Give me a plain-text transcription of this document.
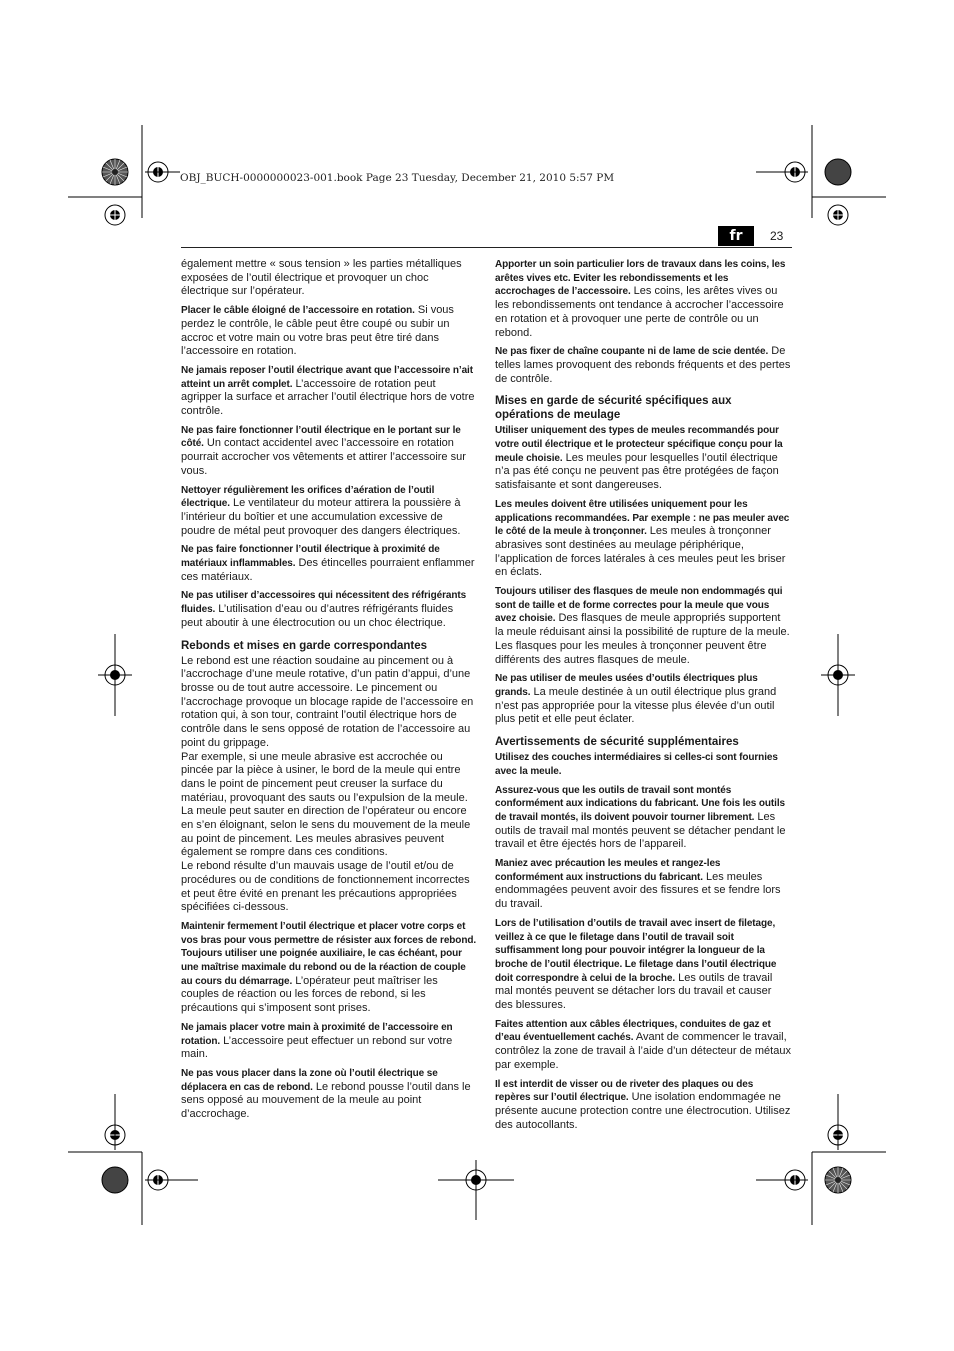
OBJ_BUCH-0000000023-001.book Page 23 Tuesday, December 21, 2010 5:57 PM
fr	23

également mettre « sous tension » les parties métalliques exposées de l’outil électrique et provoquer un choc électrique sur l’opérateur.

Placer le câble éloigné de l’accessoire en rotation. Si vous perdez le contrôle, le câble peut être coupé ou subir un accroc et votre main ou votre bras peut être tiré dans l’accessoire en rotation.

Ne jamais reposer l’outil électrique avant que l’accessoire n’ait atteint un arrêt complet. L’accessoire de rotation peut agripper la surface et arracher l’outil électrique hors de votre contrôle.

Ne pas faire fonctionner l’outil électrique en le portant sur le côté. Un contact accidentel avec l’accessoire en rotation pourrait accrocher vos vêtements et attirer l’accessoire sur vous.

Nettoyer régulièrement les orifices d’aération de l’outil électrique. Le ventilateur du moteur attirera la poussière à l’intérieur du boîtier et une accumulation excessive de poudre de métal peut provoquer des dangers électriques.

Ne pas faire fonctionner l’outil électrique à proximité de matériaux inflammables. Des étincelles pourraient enflammer ces matériaux.

Ne pas utiliser d’accessoires qui nécessitent des réfrigérants fluides. L’utilisation d’eau ou d’autres réfrigérants fluides peut aboutir à une électrocution ou un choc électrique.

Rebonds et mises en garde correspondantes

Le rebond est une réaction soudaine au pincement ou à l’accrochage d’une meule rotative, d’un patin d’appui, d’une brosse ou de tout autre accessoire. Le pincement ou l’accrochage provoque un blocage rapide de l’accessoire en rotation qui, à son tour, contraint l’outil électrique hors de contrôle dans le sens opposé de rotation de l’accessoire au point du grippage.

Par exemple, si une meule abrasive est accrochée ou pincée par la pièce à usiner, le bord de la meule qui entre dans le point de pincement peut creuser la surface du matériau, provoquant des sauts ou l’expulsion de la meule. La meule peut sauter en direction de l’opérateur ou encore en s’en éloignant, selon le sens du mouvement de la meule au point de pincement. Les meules abrasives peuvent également se rompre dans ces conditions.

Le rebond résulte d’un mauvais usage de l’outil et/ou de procédures ou de conditions de fonctionnement incorrectes et peut être évité en prenant les précautions appropriées spécifiées ci-dessous.

Maintenir fermement l’outil électrique et placer votre corps et vos bras pour vous permettre de résister aux forces de rebond. Toujours utiliser une poignée auxiliaire, le cas échéant, pour une maîtrise maximale du rebond ou de la réaction de couple au cours du démarrage. L’opérateur peut maîtriser les couples de réaction ou les forces de rebond, si les précautions qui s’imposent sont prises.

Ne jamais placer votre main à proximité de l’accessoire en rotation. L’accessoire peut effectuer un rebond sur votre main.

Ne pas vous placer dans la zone où l’outil électrique se déplacera en cas de rebond. Le rebond pousse l’outil dans le sens opposé au mouvement de la meule au point d’accrochage.

Apporter un soin particulier lors de travaux dans les coins, les arêtes vives etc. Eviter les rebondissements et les accrochages de l’accessoire. Les coins, les arêtes vives ou les rebondissements ont tendance à accrocher l’accessoire en rotation et à provoquer une perte de contrôle ou un rebond.

Ne pas fixer de chaîne coupante ni de lame de scie dentée. De telles lames provoquent des rebonds fréquents et des pertes de contrôle.

Mises en garde de sécurité spécifiques aux opérations de meulage

Utiliser uniquement des types de meules recommandés pour votre outil électrique et le protecteur spécifique conçu pour la meule choisie. Les meules pour lesquelles l’outil électrique n’a pas été conçu ne peuvent pas être protégées de façon satisfaisante et sont dangereuses.

Les meules doivent être utilisées uniquement pour les applications recommandées. Par exemple : ne pas meuler avec le côté de la meule à tronçonner. Les meules à tronçonner abrasives sont destinées au meulage périphérique, l’application de forces latérales à ces meules peut les briser en éclats.

Toujours utiliser des flasques de meule non endommagés qui sont de taille et de forme correctes pour la meule que vous avez choisie. Des flasques de meule appropriés supportent la meule réduisant ainsi la possibilité de rupture de la meule. Les flasques pour les meules à tronçonner peuvent être différents des autres flasques de meule.

Ne pas utiliser de meules usées d’outils électriques plus grands. La meule destinée à un outil électrique plus grand n’est pas appropriée pour la vitesse plus élevée d’un outil plus petit et elle peut éclater.

Avertissements de sécurité supplémentaires

Utilisez des couches intermédiaires si celles-ci sont fournies avec la meule.

Assurez-vous que les outils de travail sont montés conformément aux indications du fabricant. Une fois les outils de travail montés, ils doivent pouvoir tourner librement. Les outils de travail mal montés peuvent se détacher pendant le travail et être éjectés hors de l’appareil.

Maniez avec précaution les meules et rangez-les conformément aux instructions du fabricant. Les meules endommagées peuvent avoir des fissures et se fendre lors du travail.

Lors de l’utilisation d’outils de travail avec insert de filetage, veillez à ce que le filetage dans l’outil de travail soit suffisamment long pour pouvoir intégrer la longueur de la broche de l’outil électrique. Le filetage dans l’outil électrique doit correspondre à celui de la broche. Les outils de travail mal montés peuvent se détacher lors du travail et causer des blessures.

Faites attention aux câbles électriques, conduites de gaz et d’eau éventuellement cachés. Avant de commencer le travail, contrôlez la zone de travail à l’aide d’un détecteur de métaux par exemple.

Il est interdit de visser ou de riveter des plaques ou des repères sur l’outil électrique. Une isolation endommagée ne présente aucune protection contre une électrocution. Utilisez des autocollants.
